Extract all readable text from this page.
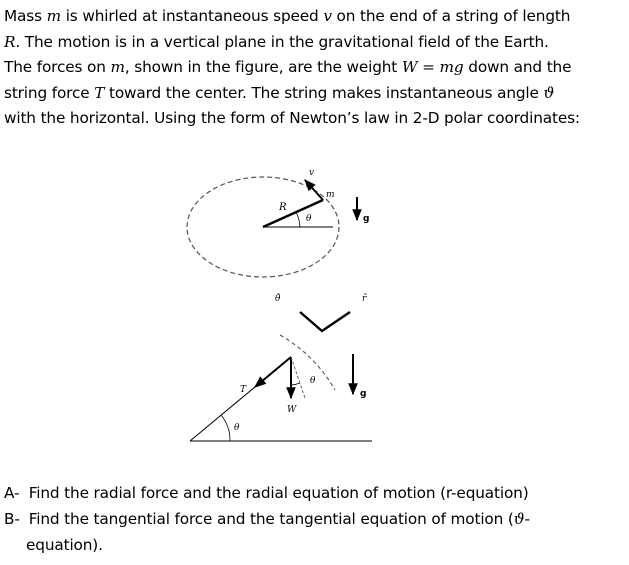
Mass m is whirled at instantaneous speed v on the end of a string of length
R. The motion is in a vertical plane in the gravitational field of the Earth.
The forces on m, shown in the figure, are the weight W = mg down and the
string force T toward the center. The string makes instantaneous angle ϑ
with the horizontal. Using the form of Newton’s law in 2-D polar coordinates:

v
m
R
θ	g
θ̂	r̂
T
W
θ
g
θ
A- Find the radial force and the radial equation of motion (r-equation)
B- Find the tangential force and the tangential equation of motion (ϑ-
equation).
